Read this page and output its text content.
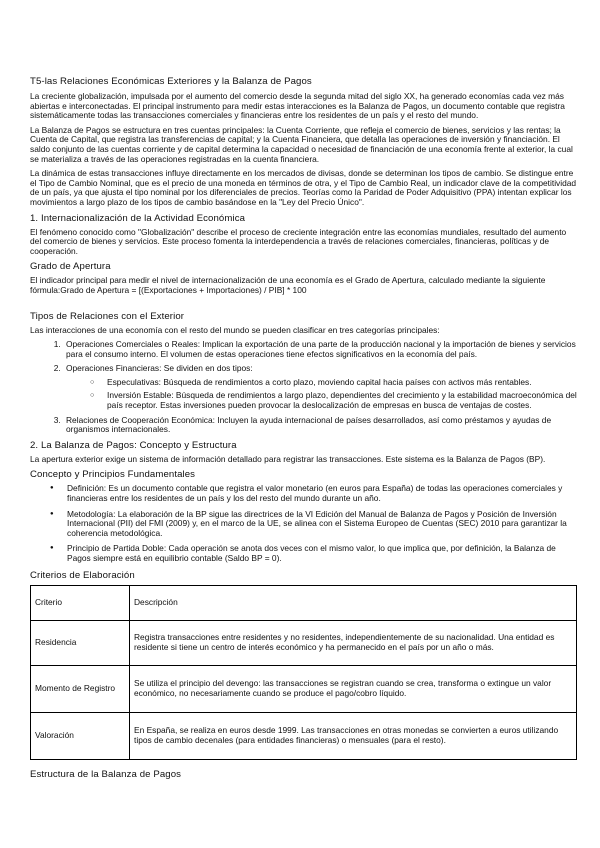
T5-las Relaciones Económicas Exteriores y la Balanza de Pagos

La creciente globalización, impulsada por el aumento del comercio desde la segunda mitad del siglo XX, ha generado economías cada vez más abiertas e interconectadas. El principal instrumento para medir estas interacciones es la Balanza de Pagos, un documento contable que registra sistemáticamente todas las transacciones comerciales y financieras entre los residentes de un país y el resto del mundo.

La Balanza de Pagos se estructura en tres cuentas principales: la Cuenta Corriente, que refleja el comercio de bienes, servicios y las rentas; la Cuenta de Capital, que registra las transferencias de capital; y la Cuenta Financiera, que detalla las operaciones de inversión y financiación. El saldo conjunto de las cuentas corriente y de capital determina la capacidad o necesidad de financiación de una economía frente al exterior, la cual se materializa a través de las operaciones registradas en la cuenta financiera.

La dinámica de estas transacciones influye directamente en los mercados de divisas, donde se determinan los tipos de cambio. Se distingue entre el Tipo de Cambio Nominal, que es el precio de una moneda en términos de otra, y el Tipo de Cambio Real, un indicador clave de la competitividad de un país, ya que ajusta el tipo nominal por los diferenciales de precios. Teorías como la Paridad de Poder Adquisitivo (PPA) intentan explicar los movimientos a largo plazo de los tipos de cambio basándose en la "Ley del Precio Único".

1. Internacionalización de la Actividad Económica

El fenómeno conocido como "Globalización" describe el proceso de creciente integración entre las economías mundiales, resultado del aumento del comercio de bienes y servicios. Este proceso fomenta la interdependencia a través de relaciones comerciales, financieras, políticas y de cooperación.

Grado de Apertura

El indicador principal para medir el nivel de internacionalización de una economía es el Grado de Apertura, calculado mediante la siguiente fórmula:Grado de Apertura = [(Exportaciones + Importaciones) / PIB] * 100

Tipos de Relaciones con el Exterior

Las interacciones de una economía con el resto del mundo se pueden clasificar en tres categorías principales:

1. Operaciones Comerciales o Reales: Implican la exportación de una parte de la producción nacional y la importación de bienes y servicios para el consumo interno. El volumen de estas operaciones tiene efectos significativos en la economía del país.
2. Operaciones Financieras: Se dividen en dos tipos:
○ Especulativas: Búsqueda de rendimientos a corto plazo, moviendo capital hacia países con activos más rentables.
○ Inversión Estable: Búsqueda de rendimientos a largo plazo, dependientes del crecimiento y la estabilidad macroeconómica del país receptor. Estas inversiones pueden provocar la deslocalización de empresas en busca de ventajas de costes.
3. Relaciones de Cooperación Económica: Incluyen la ayuda internacional de países desarrollados, así como préstamos y ayudas de organismos internacionales.
2. La Balanza de Pagos: Concepto y Estructura

La apertura exterior exige un sistema de información detallado para registrar las transacciones. Este sistema es la Balanza de Pagos (BP).

Concepto y Principios Fundamentales
● Definición: Es un documento contable que registra el valor monetario (en euros para España) de todas las operaciones comerciales y financieras entre los residentes de un país y los del resto del mundo durante un año.
● Metodología: La elaboración de la BP sigue las directrices de la VI Edición del Manual de Balanza de Pagos y Posición de Inversión Internacional (PII) del FMI (2009) y, en el marco de la UE, se alinea con el Sistema Europeo de Cuentas (SEC) 2010 para garantizar la coherencia metodológica.
● Principio de Partida Doble: Cada operación se anota dos veces con el mismo valor, lo que implica que, por definición, la Balanza de Pagos siempre está en equilibrio contable (Saldo BP = 0).
Criterios de Elaboración
Criterio	Descripción
Residencia	Registra transacciones entre residentes y no residentes, independientemente de su nacionalidad. Una entidad es residente si tiene un centro de interés económico y ha permanecido en el país por un año o más.
Momento de Registro	Se utiliza el principio del devengo: las transacciones se registran cuando se crea, transforma o extingue un valor económico, no necesariamente cuando se produce el pago/cobro líquido.
Valoración	En España, se realiza en euros desde 1999. Las transacciones en otras monedas se convierten a euros utilizando tipos de cambio decenales (para entidades financieras) o mensuales (para el resto).
Estructura de la Balanza de Pagos
